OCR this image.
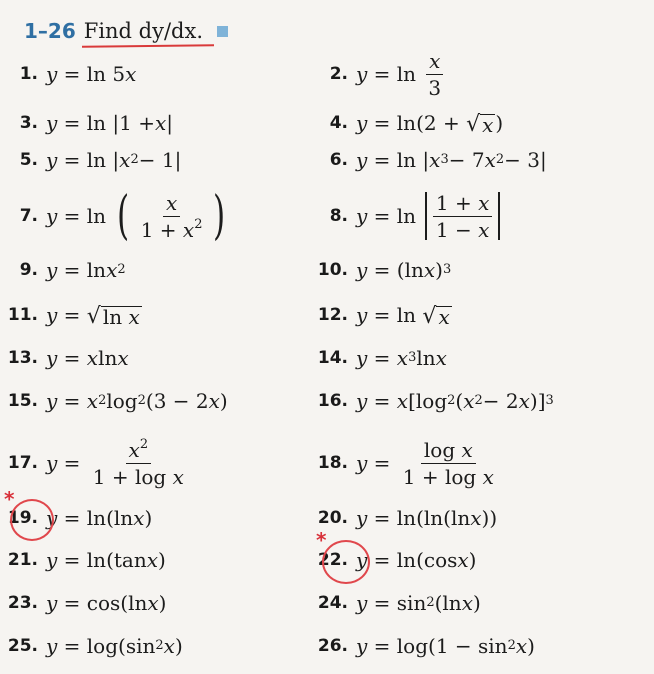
1–26 Find dy/dx.
1. y = ln 5 x	2. $y = \ln \frac{x}{3}$
3. y = ln |1 + x |	4. y = ln(2 + √ x )
5. y = ln | x 2 − 1|	6. y = ln | x 3 − 7 x 2 − 3|
7. y = ln ( $\frac{x}{1 + x^2}$ )	8. $y = \ln \frac{1 + x}{1 - x}$
9. y = ln x 2	10. y = (ln x ) 3
11. y = √ ln x	12. y = ln √ x
13. y = x ln x	14. y = x 3 ln x
15. y = x 2 log 2 (3 − 2 x )	16. y = x [log 2 ( x 2 − 2 x )] 3
17. $y = \frac{x^2}{\text{1 + log x}}$	18. $y = \frac{\text{log x}}{\text{1 + log x}}$
19. y = ln(ln x )	20. y = ln(ln(ln x ))
21. y = ln(tan x )	22. y = ln(cos x )
23. y = cos(ln x )	24. y = sin 2 (ln x )
25. y = log(sin 2 x )	26. y = log(1 − sin 2 x )
*
*
